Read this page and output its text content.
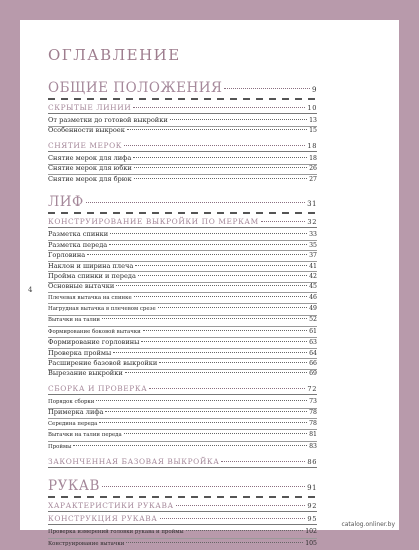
4
catalog.onliner.by
ОГЛАВЛЕНИЕ
ОБЩИЕ ПОЛОЖЕНИЯ	9
СКРЫТЫЕ ЛИНИИ	10
От разметки до готовой выкройки	13
Особенности выкроек	15
СНЯТИЕ МЕРОК	18
Снятие мерок для лифа	18
Снятие мерок для юбки	26
Снятие мерок для брюк	27
ЛИФ	31
КОНСТРУИРОВАНИЕ ВЫКРОЙКИ ПО МЕРКАМ	32
Разметка спинки	33
Разметка переда	35
Горловина	37
Наклон и ширина плеча	41
Пройма спинки и переда	42
Основные вытачки	45
Плечевая вытачка на спинке	46
Нагрудная вытачка в плечевом срезе	49
Вытачки на талии	52
Формирование боковой вытачки	61
Формирование горловины	63
Проверка проймы	64
Расширение базовой выкройки	66
Вырезание выкройки	69
СБОРКА И ПРОВЕРКА	72
Порядок сборки	73
Примерка лифа	78
Середина переда	78
Вытачки на талии переда	81
Проймы	83
ЗАКОНЧЕННАЯ БАЗОВАЯ ВЫКРОЙКА	86
РУКАВ	91
ХАРАКТЕРИСТИКИ РУКАВА	92
КОНСТРУКЦИЯ РУКАВА	95
Проверка измерений головки рукава и проймы	102
Конструирование вытачки	105
